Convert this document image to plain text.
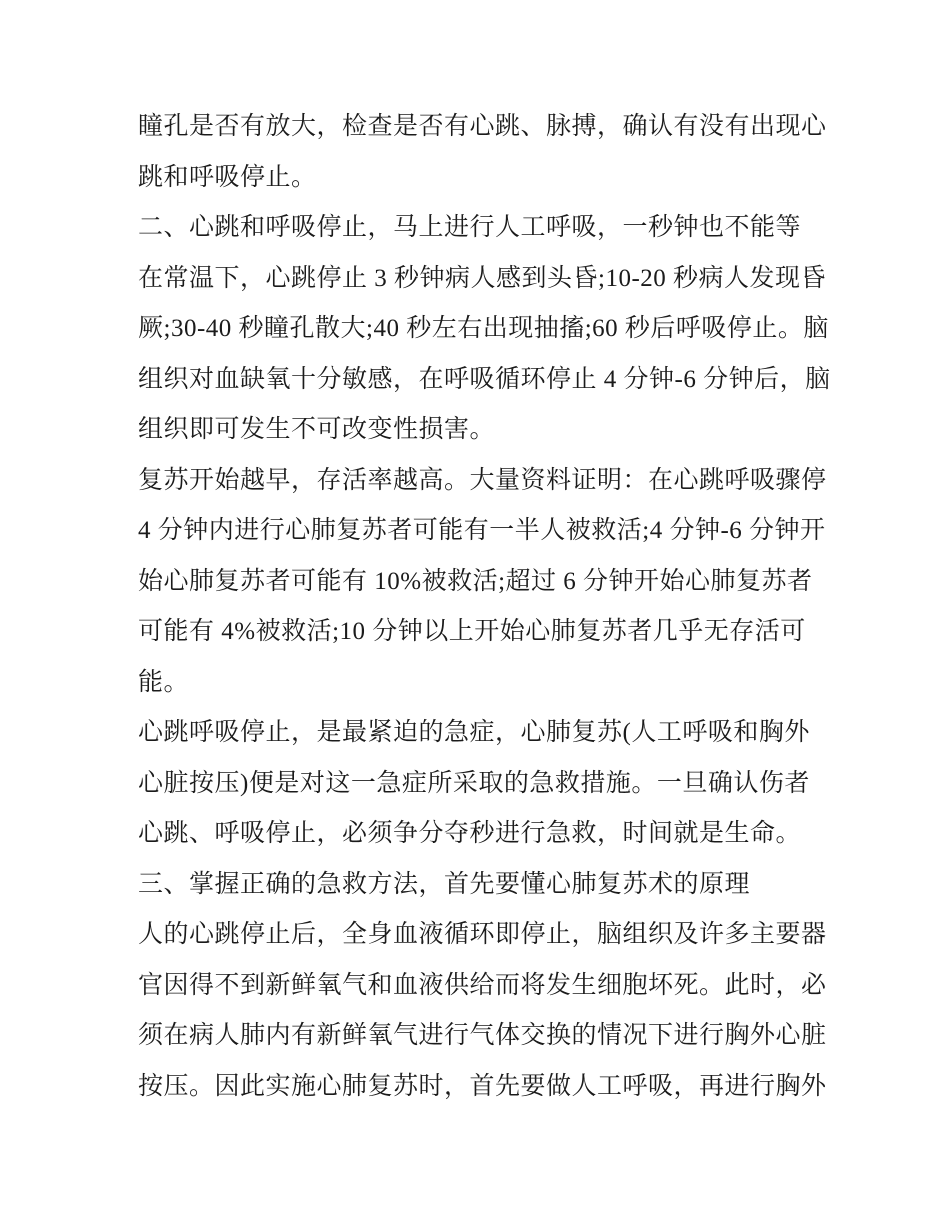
瞳孔是否有放大，检查是否有心跳、脉搏，确认有没有出现心
跳和呼吸停止。
二、心跳和呼吸停止，马上进行人工呼吸，一秒钟也不能等
在常温下，心跳停止 3 秒钟病人感到头昏;10-20 秒病人发现昏
厥;30-40 秒瞳孔散大;40 秒左右出现抽搐;60 秒后呼吸停止。脑
组织对血缺氧十分敏感，在呼吸循环停止 4 分钟-6 分钟后，脑
组织即可发生不可改变性损害。
复苏开始越早，存活率越高。大量资料证明：在心跳呼吸骤停
4 分钟内进行心肺复苏者可能有一半人被救活;4 分钟-6 分钟开
始心肺复苏者可能有 10%被救活;超过 6 分钟开始心肺复苏者
可能有 4%被救活;10 分钟以上开始心肺复苏者几乎无存活可
能。
心跳呼吸停止，是最紧迫的急症，心肺复苏(人工呼吸和胸外
心脏按压)便是对这一急症所采取的急救措施。一旦确认伤者
心跳、呼吸停止，必须争分夺秒进行急救，时间就是生命。
三、掌握正确的急救方法，首先要懂心肺复苏术的原理
人的心跳停止后，全身血液循环即停止，脑组织及许多主要器
官因得不到新鲜氧气和血液供给而将发生细胞坏死。此时，必
须在病人肺内有新鲜氧气进行气体交换的情况下进行胸外心脏
按压。因此实施心肺复苏时，首先要做人工呼吸，再进行胸外
